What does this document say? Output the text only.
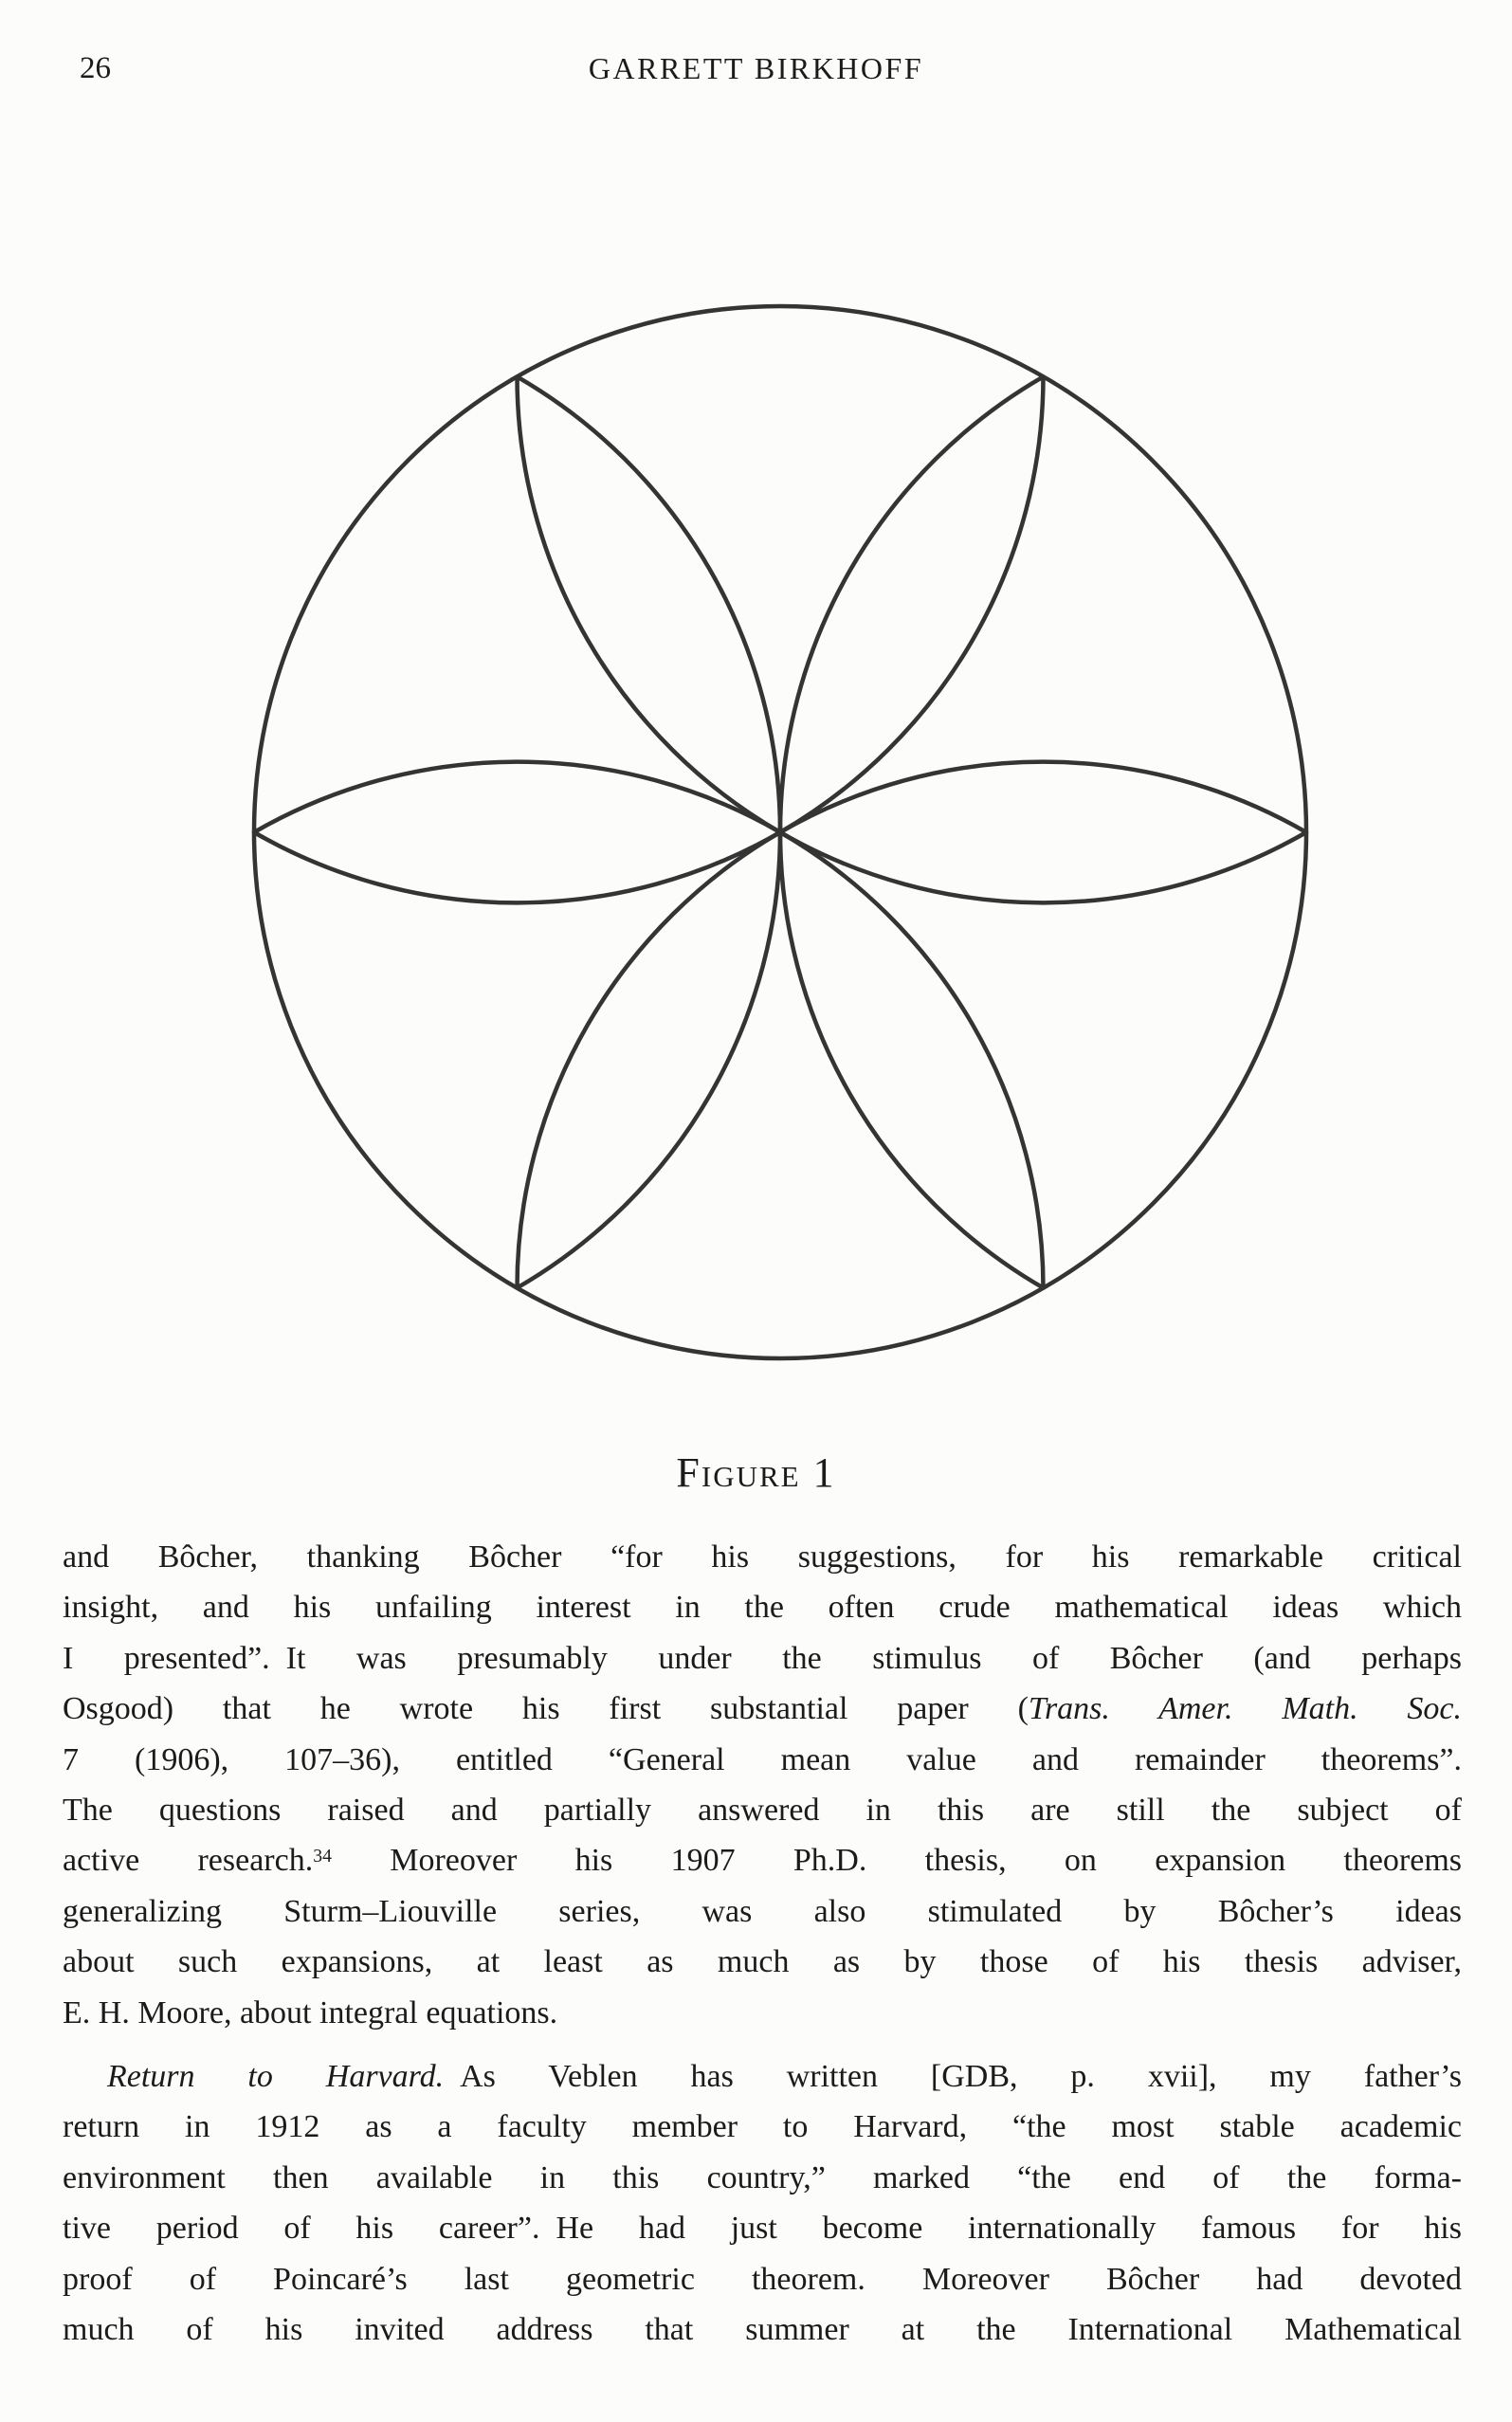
26	GARRETT BIRKHOFF
Figure 1
and Bôcher, thanking Bôcher “for his suggestions, for his remarkable critical
insight, and his unfailing interest in the often crude mathematical ideas which
I presented”. It was presumably under the stimulus of Bôcher (and perhaps
Osgood) that he wrote his first substantial paper (Trans. Amer. Math. Soc.
7 (1906), 107–36), entitled “General mean value and remainder theorems”.
The questions raised and partially answered in this are still the subject of
active research.$^{34}$ Moreover his 1907 Ph.D. thesis, on expansion theorems
generalizing Sturm–Liouville series, was also stimulated by Bôcher’s ideas
about such expansions, at least as much as by those of his thesis adviser,
E. H. Moore, about integral equations.
Return to Harvard. As Veblen has written [GDB, p. xvii], my father’s
return in 1912 as a faculty member to Harvard, “the most stable academic
environment then available in this country,” marked “the end of the forma-
tive period of his career”. He had just become internationally famous for his
proof of Poincaré’s last geometric theorem. Moreover Bôcher had devoted
much of his invited address that summer at the International Mathematical
